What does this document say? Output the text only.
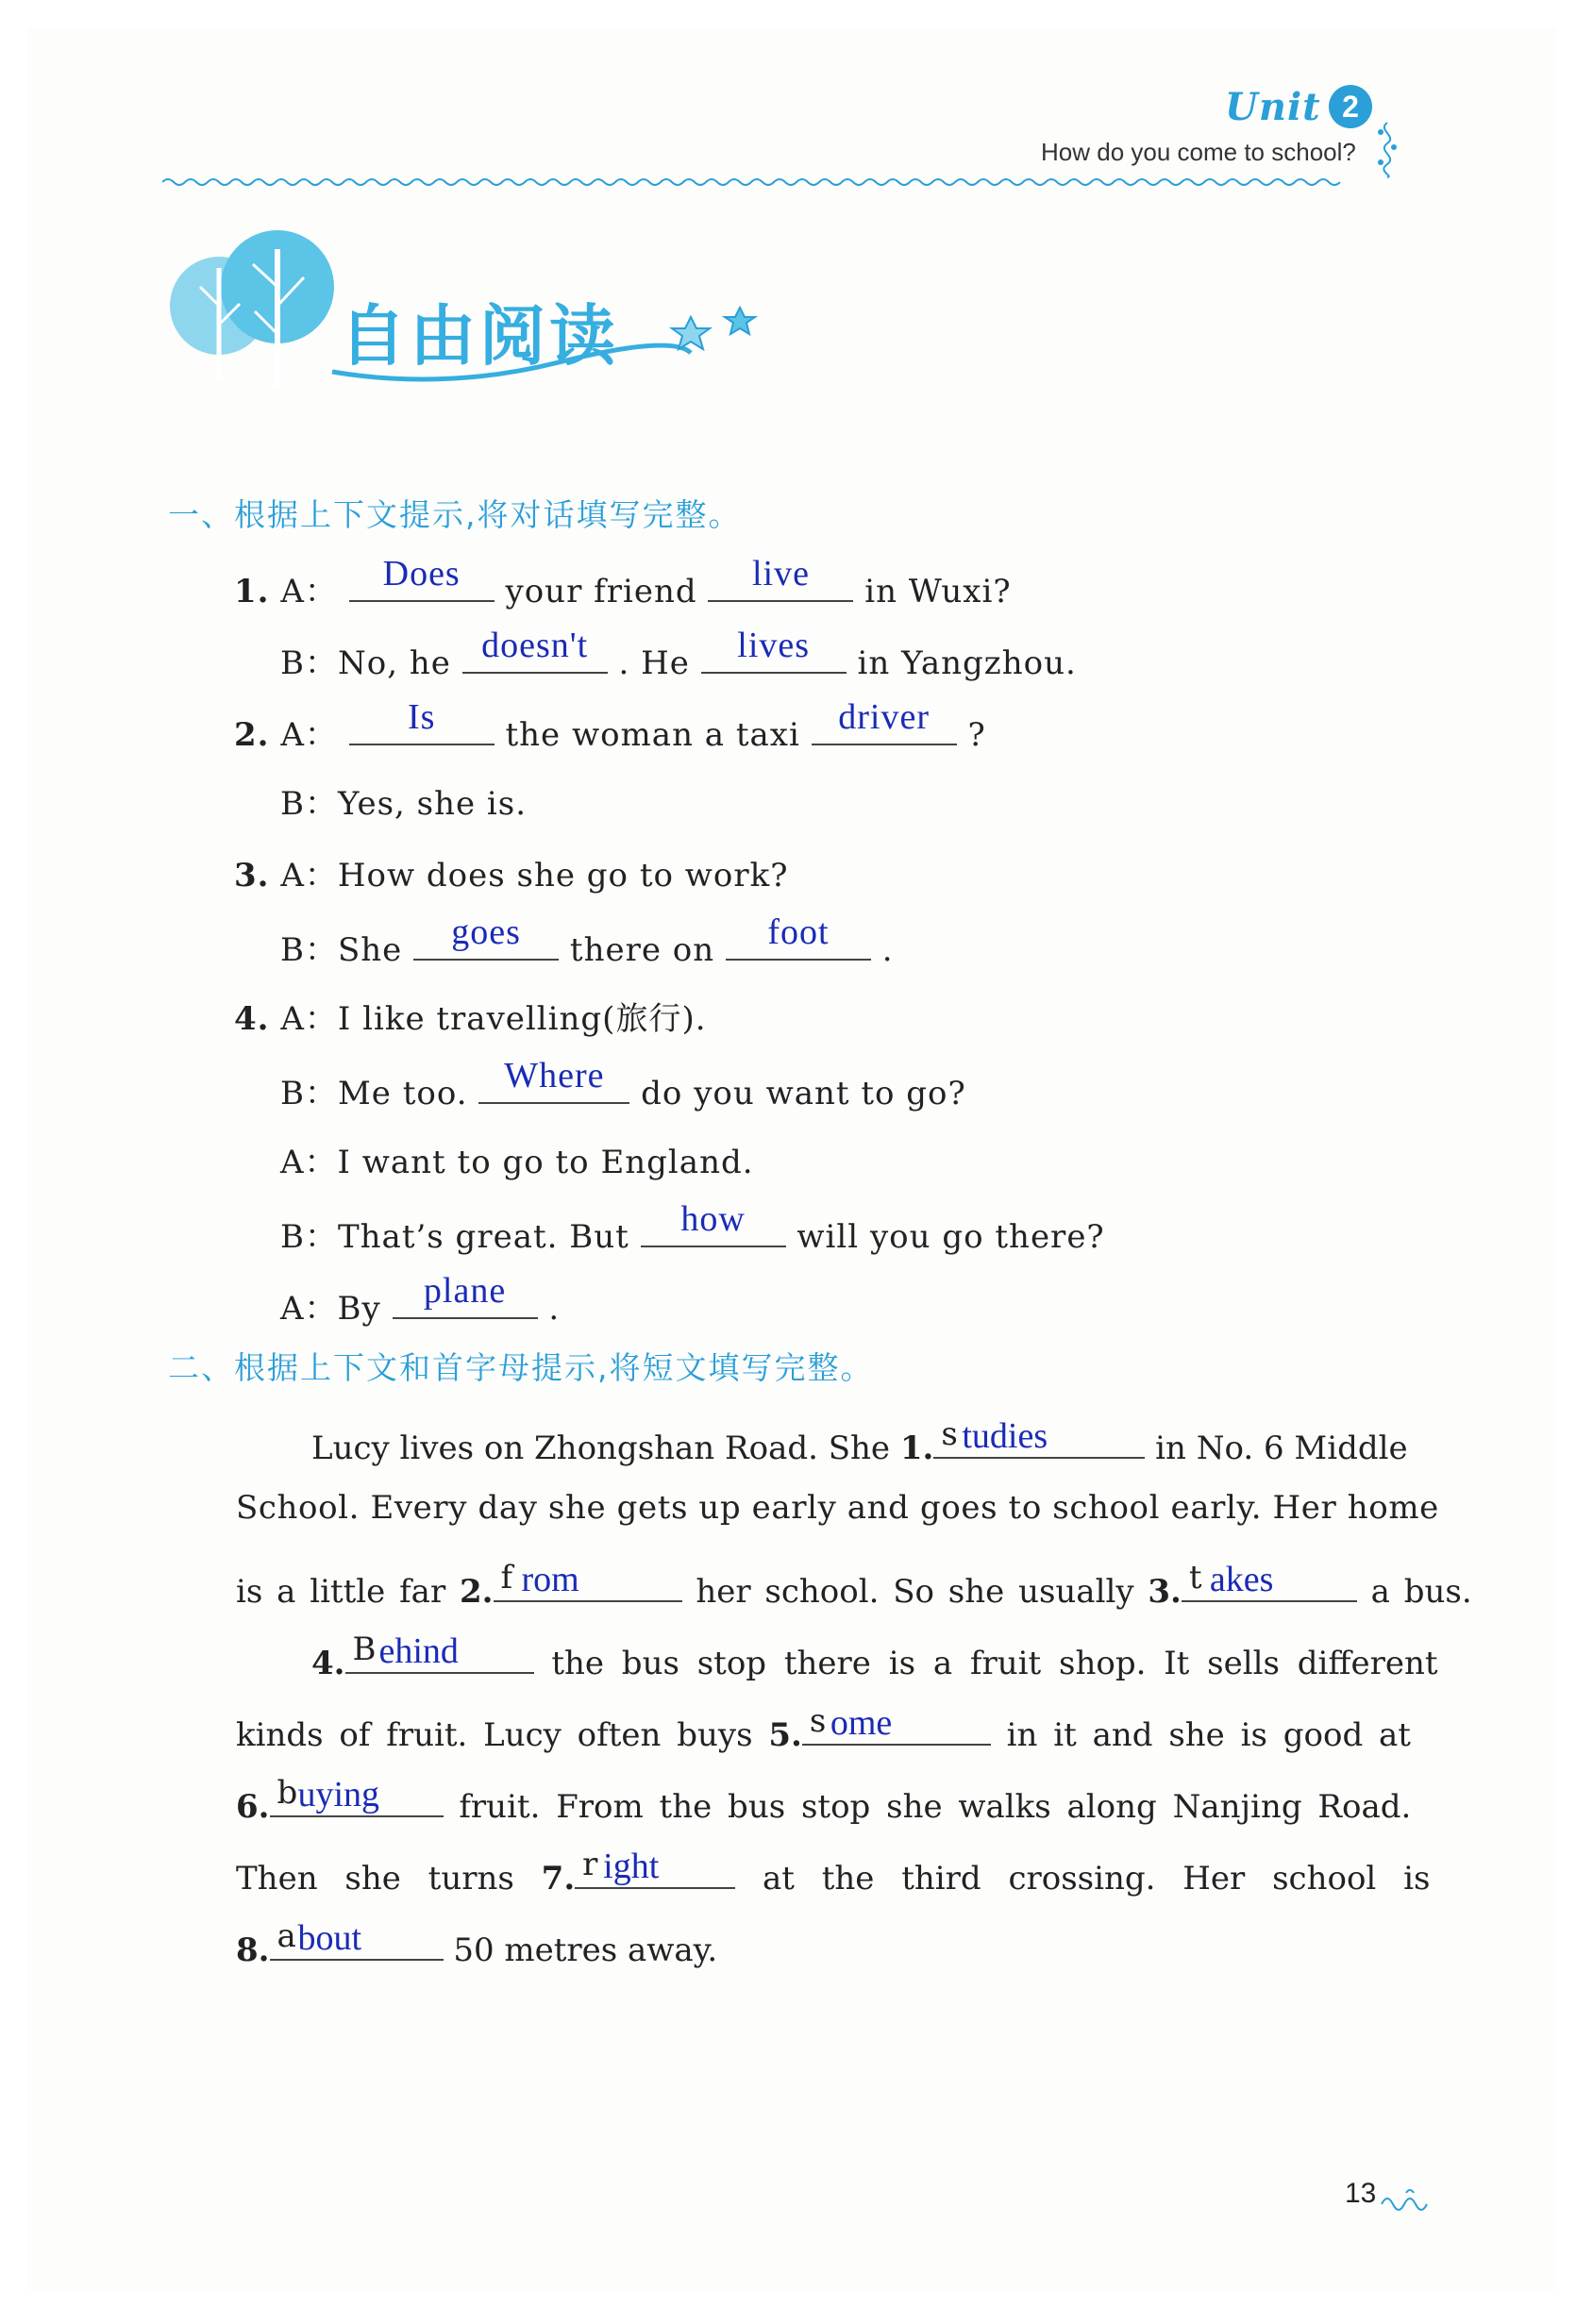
Unit 2
How do you come to school?
自由阅读
一、根据上下文提示,将对话填写完整。
1. A：	Does	your friend	live	in Wuxi?
B：No, he doesn't . He	lives	in Yangzhou.
2. A：	Is	the woman a taxi	driver	?
B：Yes, she is.
3. A：How does she go to work?
B：She	goes	there on	foot	.
4. A：I like travelling(旅行).
B：Me too.	Where	do you want to go?
A：I want to go to England.
B：That’s great. But	how	will you go there?
A：By	plane	.
二、根据上下文和首字母提示,将短文填写完整。
Lucy lives on Zhongshan Road. She 1. s tudies	in No. 6 Middle
School. Every day she gets up early and goes to school early. Her home
is a little far 2. f rom	her school. So she usually 3. t akes	a bus.
4. B ehind	the bus stop there is a fruit shop. It sells different
kinds of fruit. Lucy often buys 5. s ome	in it and she is good at
6. b uying fruit. From the bus stop she walks along Nanjing Road.
Then she turns 7. r ight	at the third crossing. Her school is
8. a bout	50 metres away.
13
